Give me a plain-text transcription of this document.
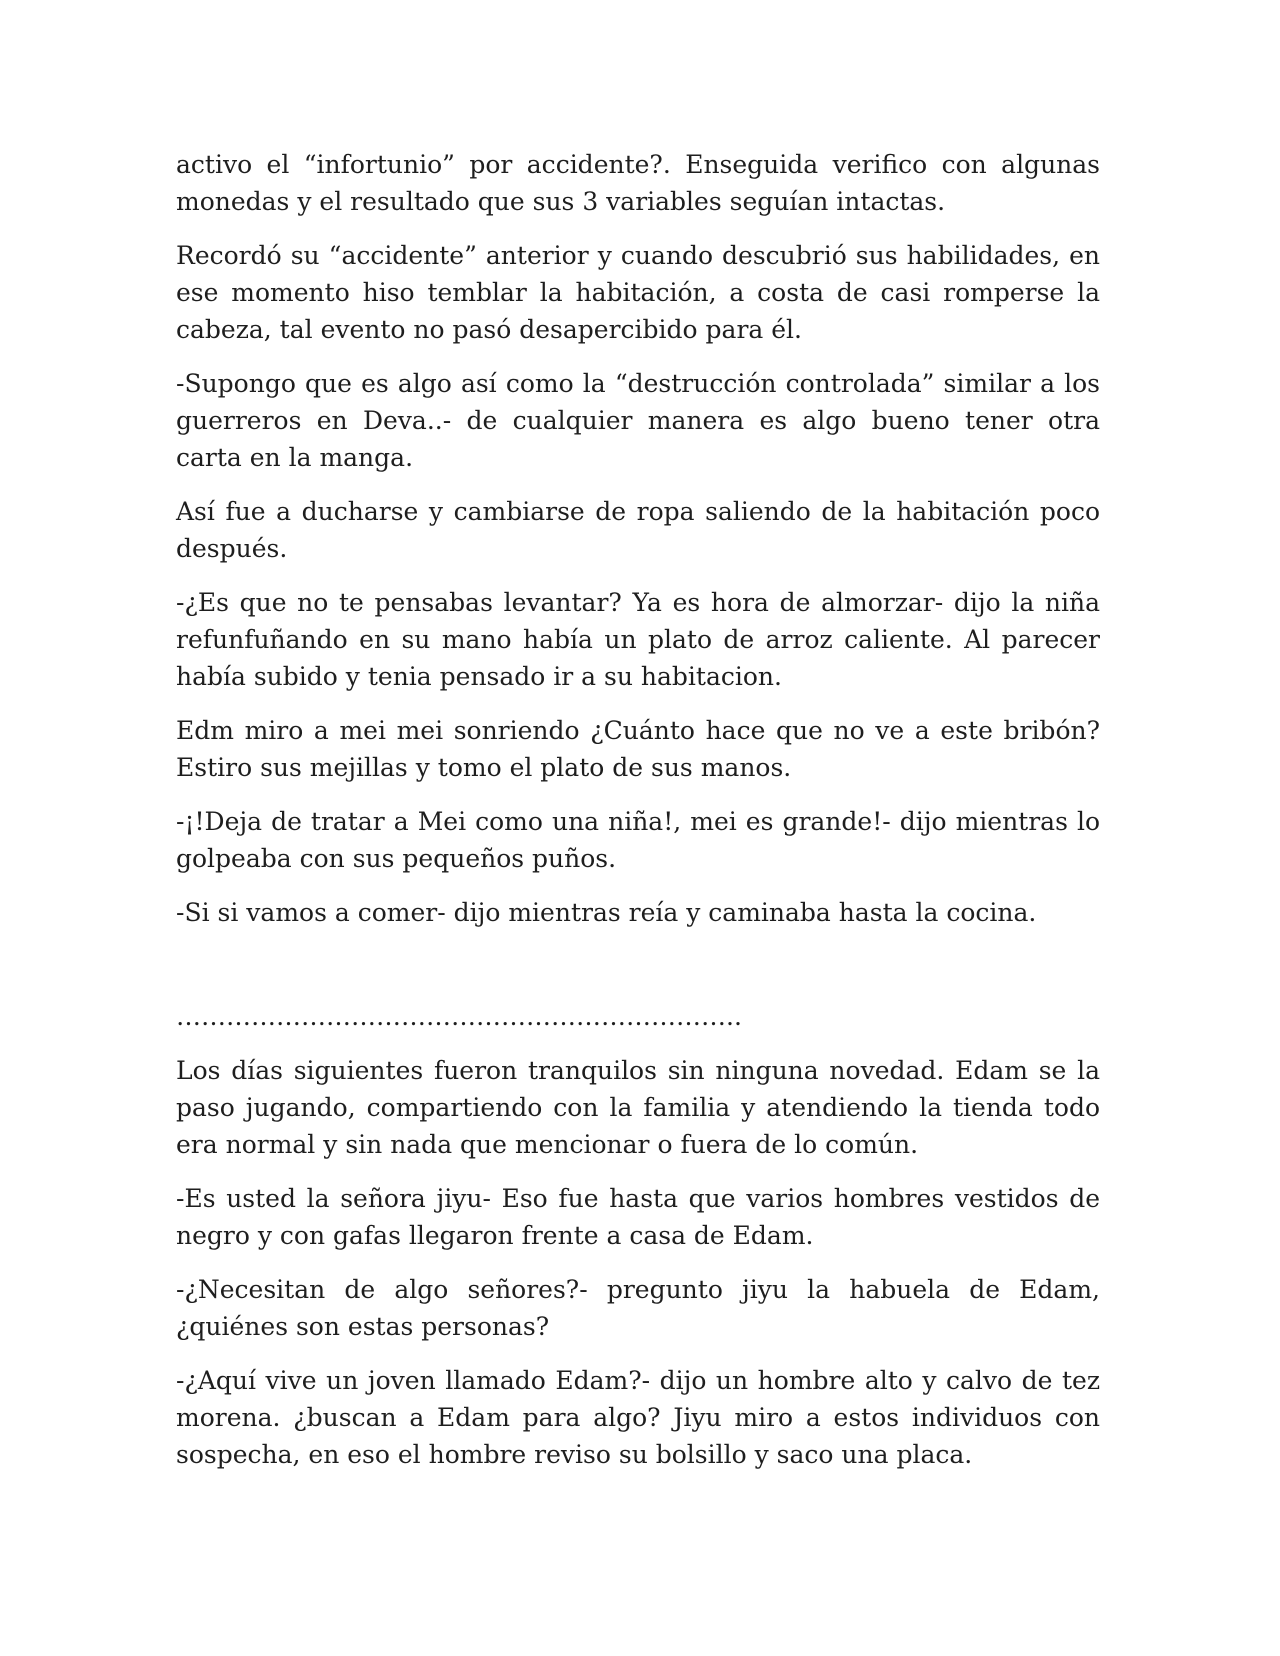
activo el “infortunio” por accidente?. Enseguida verifico con algunas monedas y el resultado que sus 3 variables seguían intactas.

Recordó su “accidente” anterior y cuando descubrió sus habilidades, en ese momento hiso temblar la habitación, a costa de casi romperse la cabeza, tal evento no pasó desapercibido para él.

-Supongo que es algo así como la “destrucción controlada” similar a los guerreros en Deva..- de cualquier manera es algo bueno tener otra carta en la manga.

Así fue a ducharse y cambiarse de ropa saliendo de la habitación poco después.

-¿Es que no te pensabas levantar? Ya es hora de almorzar- dijo la niña refunfuñando en su mano había un plato de arroz caliente. Al parecer había subido y tenia pensado ir a su habitacion.

Edm miro a mei mei sonriendo ¿Cuánto hace que no ve a este bribón? Estiro sus mejillas y tomo el plato de sus manos.

-¡!Deja de tratar a Mei como una niña!, mei es grande!- dijo mientras lo golpeaba con sus pequeños puños.

-Si si vamos a comer- dijo mientras reía y caminaba hasta la cocina.

…………………………………………………………..

Los días siguientes fueron tranquilos sin ninguna novedad. Edam se la paso jugando, compartiendo con la familia y atendiendo la tienda todo era normal y sin nada que mencionar o fuera de lo común.

-Es usted la señora jiyu- Eso fue hasta que varios hombres vestidos de negro y con gafas llegaron frente a casa de Edam.

-¿Necesitan de algo señores?- pregunto jiyu la habuela de Edam, ¿quiénes son estas personas?

-¿Aquí vive un joven llamado Edam?- dijo un hombre alto y calvo de tez morena. ¿buscan a Edam para algo? Jiyu miro a estos individuos con sospecha, en eso el hombre reviso su bolsillo y saco una placa.
